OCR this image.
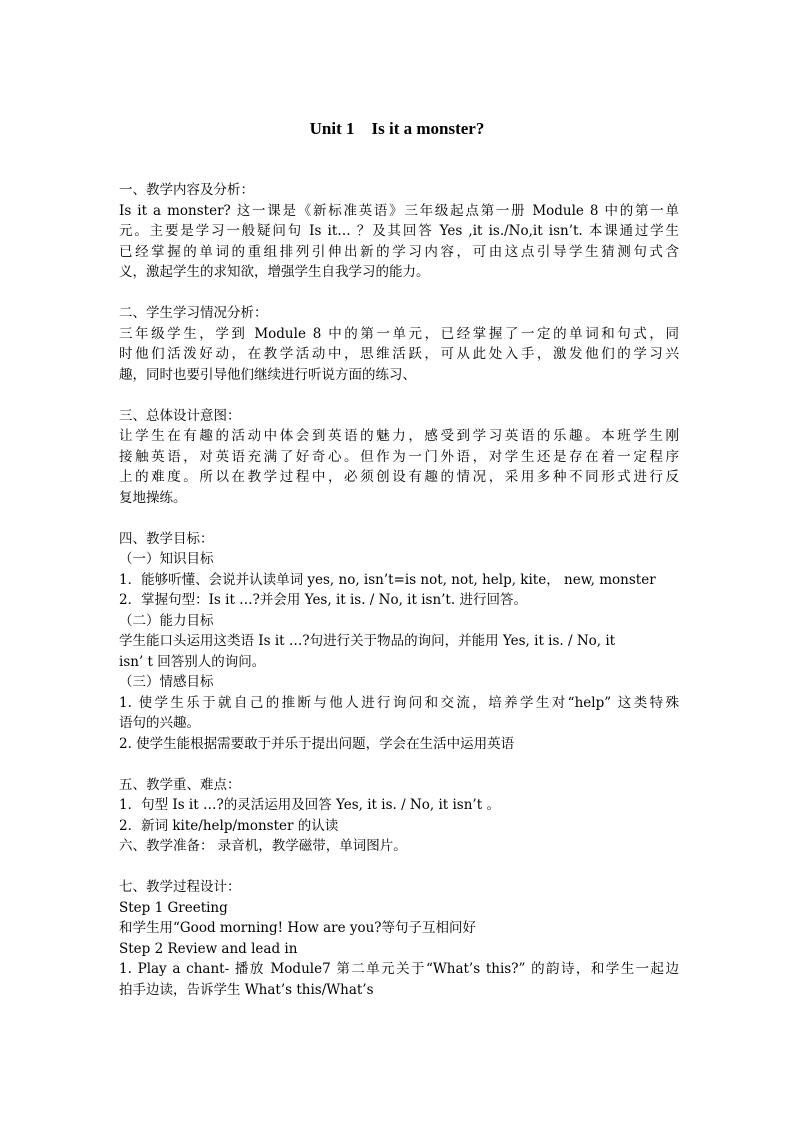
Unit 1    Is it a monster?
一、教学内容及分析：
Is it a monster? 这一课是《新标准英语》三年级起点第一册 Module 8 中的第一单
元。主要是学习一般疑问句 Is it… ？及其回答 Yes ,it is./No,it isn’t. 本课通过学生
已经掌握的单词的重组排列引伸出新的学习内容，可由这点引导学生猜测句式含
义，激起学生的求知欲，增强学生自我学习的能力。
二、学生学习情况分析：
三年级学生，学到 Module 8 中的第一单元，已经掌握了一定的单词和句式，同
时他们活泼好动，在教学活动中，思维活跃，可从此处入手，激发他们的学习兴
趣，同时也要引导他们继续进行听说方面的练习、
三、总体设计意图：
让学生在有趣的活动中体会到英语的魅力，感受到学习英语的乐趣。本班学生刚
接触英语，对英语充满了好奇心。但作为一门外语，对学生还是存在着一定程序
上的难度。所以在教学过程中，必须创设有趣的情况，采用多种不同形式进行反
复地操练。
四、教学目标：
（一）知识目标
1．能够听懂、会说并认读单词 yes, no, isn’t=is not, not, help, kite， new, monster
2．掌握句型：Is it …?并会用 Yes, it is. / No, it isn’t. 进行回答。
（二）能力目标
学生能口头运用这类语 Is it …?句进行关于物品的询问，并能用 Yes, it is. / No, it
isn’ t 回答别人的询问。
（三）情感目标
1. 使学生乐于就自己的推断与他人进行询问和交流，培养学生对“help” 这类特殊
语句的兴趣。
2. 使学生能根据需要敢于并乐于提出问题，学会在生活中运用英语
五、教学重、难点：
1．句型 Is it …?的灵活运用及回答 Yes, it is. / No, it isn’t 。
2．新词 kite/help/monster 的认读
六、教学准备： 录音机，教学磁带，单词图片。
七、教学过程设计：
Step 1 Greeting
和学生用“Good morning! How are you?等句子互相问好
Step 2 Review and lead in
1. Play a chant- 播放 Module7 第二单元关于“What’s this?” 的韵诗，和学生一起边
拍手边读，告诉学生 What’s this/What’s
